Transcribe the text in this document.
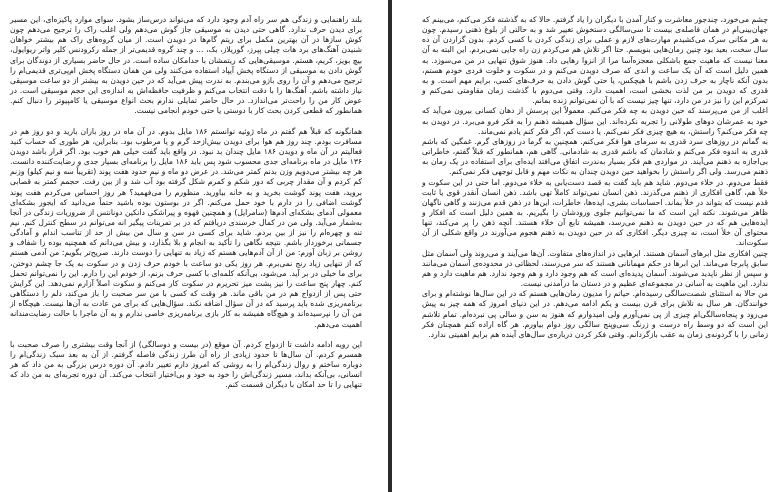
بلند راهنمایی و زندگی هم سر راه آدم وجود دارد که می‌تواند درس‌ساز بشود. سوای موارد پاکیزه‌ای، این مسیر برای دیدن حرف ندارد. گاهی حتی دیدن به موسیقی جاز گوش می‌دهم ولی اغلب راک را ترجیح می‌دهم چون کوش سازها در آن بهترین مکمل برای ریتم گام‌ها در دویدن است. از میان گروه‌های راک هم بیشتر خواهان شنیدن آهنگ‌های برد هات چیلی پپرز، گوریلاز، بک، ... و چند گروه قدیمی‌تر از جمله رکرودنس کلیر واتر ریوایول، بیچ بویز، کریم، هستم. موسیقی‌هایی که ریتمشان با حدامکان ساده است. در حال حاضر بسیاری از دوندگان برای گوش دادن به موسیقی از دستگاه پخش آیپاد استفاده می‌کنند ولی من همان دستگاه پخش ام‌پی‌تری قدیمی‌ام را ترجیح می‌دهم و آن را روی بازو می‌بندم. به ندرت پیش می‌آید که در حین دویدن به بیشتر از دو ساعت موسیقی نیاز داشته باشم. آهنگ‌ها را با دقت انتخاب می‌کنم و ظرفیت حافظه‌اش به اندازه‌ی این حجم موسیقی است. در عوض کار من را راحت‌تر می‌اندازد. در حال حاضر تمایلی ندارم بحث انواع موسیقی یا کامپیوتر را دنبال کنم. همانطور که قطعی کردن بحث کار با دوستی یا حتی خودم انجامی نیست.

همانگونه که قبلاً هم گفتم در ماه ژوئیه توانستم ۱۸۶ مایل بدوم. در آن ماه در روز باران بارید و دو روز هم در مسافرت بودم. چند روز هم هوا برای دویدن بیش‌ازحد گرم و یا مرطوب بود. بنابراین، هر طوری که حساب کنید فعالیتم در آن ماه و دویدن ۱۸۶ مایل چندان بد نبود. در واقع باید گفت خیلی هم خوب بود. اگر قرار باشد دویدن ۱۳۶ مایل در ماه برنامه‌ای جدی محسوب شود پس باید ۱۸۶ مایل را برنامه‌ای بسیار جدی و رضایت‌کننده دانست. هر چه بیشتر می‌دویم وزن بدنم کمتر می‌شد. در عرض دو ماه و نیم حدود هفت پوند (تقریباً سه و نیم کیلو) وزنم کم کردم و آن مقدار چربی که دور شکم و کمرم شکل گرفته بود آب شد و از بین رفت. حجمم کمتر به قصابی بروید، هفت پوند گوشت بخرید و به خانه بیاورید. منظورم را می‌فهمید؟ هر روز احساس می‌کردم هفت پوند گوشت اضافی را در دارم با خود حمل می‌کنم. اگر در بوستون بوده باشید حتماً می‌دانید که ایجور بشکه‌ای معمولی آدمای بشکه‌ای آدم‌ها (سامرایل) و همچنین قهوه و پیراشکی دانکین دونانتس از ضروریات زندگی در آنجا به‌شمار می‌آید. ولی من در کمال خرسندی دریافتم که در بر تمرینات پیگیر انه می‌توانم در سطح کنترل کنم. نیم تنه و چهره‌ام را نیز از بین بردم. شاید برای کسی در سن و سال من بیش از حد از تناسب اندام و آمادگی جسمانی برخوردار باشم. نتیجه نگاهی را تأکید به انجام و بلا بگذارد، و بیش می‌دانم که همچنیه بوده را شفاف و روشن بر زبان آورم: من از آن آدم‌هایی هستم که زیاد به تنهایی را دوست دارند. صریح‌تر بگویم: من آدمی هستم که از تنهایی زیاد رنج نمی‌برم. هر روز یکی دو ساعت با خودم حرف زدن و در سکوت به یک جا چشم دوختن، برای ما خیلی در بر آید. می‌شود، بی‌آنکه کلمه‌ای با کسی حرف بزنم، از خودم این را دارم. این را نمی‌توانم تحمل کنم. چهار پنج ساعت را نیز پشت میز تحریرم در سکوت کار می‌کنم و سکوت اصلاً آزارم نمی‌دهد. این گرایش حتی پس از ازدواج هم در من باقی ماند. هر وقت که کسی با من سر صحبت را باز می‌کند، دلم را دستگاهی برنامه‌ریزی شده باید پرسید که در آن سؤال اضافه نکند. سؤال‌هایی که برای من عادت به آن‌ها نیست. هیچگاه از من آن را نپرسیده‌اند و هیچ‌گاه همیشه به کار بازی برنامه‌ریزی خاصی ندارم و به آن ماجرا با حالت رضایت‌مندانه اهمیت می‌دهم.

این رویه ادامه داشت تا ازدواج کردم. آن موقع (در بیست و دوسالگی) از آنجا وقت بیشتری را صرف صحبت با همسرم کردم. آن سال‌ها تا حدود زیادی از راه آن طرز زندگی فاصله گرفتم. از آن به بعد سبک زندگی‌ام را دوباره ساختم و روال زندگی‌ام را به روشی که امروز دارم تغییر دادم. آن دوره درس بزرگی به من داد که هر انسانی، بی‌آنکه بداند، مسیر زندگی‌اش را خود به خود و بی‌اختیار انتخاب می‌کند. آن دوره تجربه‌ای به من داد که تنهایی را تا حد امکان با دیگران قسمت کنم.

چشم می‌خورد، چندجور معاشرت و کنار آمدن با دیگران را یاد گرفتم. حالا که به گذشته فکر می‌کنم، می‌بینم که جهان‌بینی‌ام در همان فاصله‌ی بیست تا سی‌سالگی دستخوش تغییر شد و به حالتی از بلوغ ذهنی رسیدم. چون به هر مکانی سرک می‌کشیدم مهارت‌های لازم و عملی برای زندگی کردن با کسی کردم. بدون گزاردن آن ده سال سخت، بعید بود چنین رمان‌هایی بنویسم. حتا اگر تلاش هم می‌کردم زن راه جایی نمی‌بردم. این البته به آن معنا نیست که ماهیت جمع باشکلی معجزه‌آسا مرا از انزوا رهایی داد. هنوز شوق تنهایی در من می‌سوزد. به همین دلیل است که آن یک ساعت و اندی که صرف دویدن می‌کنم و در سکوت و خلوت فردی خودم هستم، بدون آنکه ناچار به حرف زدن باشم با هیچکس، یا حتی گوش دادن به حرف‌های کسی، برایم مهم است. و به قدری که دویدن بر من لذت بخشی است، اهمیت دارد. وقتی می‌دوم با گذشت زمان مقاومتی نمی‌کنم و تمرکزم این را نیز در من دارد، تنها چیز نیست که با آن نمی‌توانم زنده بمانم.

اغلب از من می‌پرسند که حین دویدن به چه فکر می‌کنم. معمولاً این پرسش از دهان کسانی بیرون می‌آید که خود به عمرشان دوهای طولانی را تجربه نکرده‌اند. این سؤال همیشه ذهنم را به فکر فرو می‌برد. در دویدن به چه فکر می‌کنم؟ راستش، به هیچ چیزی فکر نمی‌کنم. یا دست کم، اگر فکر کنم یادم نمی‌ماند.

به گمانم در روزهای سرد قدری به سرمای هوا فکر می‌کنم. همچنین به گرما در روزهای گرم. غمگین که باشم قدری به اندوه فکر می‌کنم و شادمان که باشم قدری به شادمانی. گاهی هم، همانطور که قبلاً گفتم، خاطراتی بی‌اجازه به ذهنم می‌آیند. در مواردی هم فکر بسیار به‌ندرت اتفاق می‌افتد ایده‌ای برای استفاده در یک رمان به ذهنم می‌رسد. ولی اگر راستش را بخواهید حین دویدن چندان به نکات مهم و قابل توجهی فکر نمی‌کنم.

فقط می‌دوم. در خلاء می‌دوم. شاید هم باید گفت به قصد دست‌یابی به خلاء می‌دوم. اما حتی در این سکوت و خلأ هم، گاهی افکاری از ذهنم می‌گذرند. ذهن انسان نمی‌تواند کاملاً تهی باشد. ذهن انسان آنقدر قوی یا ثابت قدم نیست که بتواند در خلأ بماند. احساسات بشری، ایده‌ها، خاطرات، این‌ها در ذهن قدم می‌زنند و گاهی ناگهان ظاهر می‌شوند. نکته این است که ما نمی‌توانیم جلوی ورودشان را بگیریم. به همین دلیل است که افکار و ایده‌هایی هم که در حین دویدن به ذهنم می‌رسد، همیشه تابع آن خلاء هستند. آنچه ذهن را پر می‌کند، تنها محتوای آن خلأ است، نه چیزی دیگر. افکاری که در حین دویدن به ذهنم هجوم می‌آورند در واقع شکلی از آن سکوت‌اند.

چنین افکاری مثل ابرهای آسمان هستند. ابرهایی در اندازه‌های متفاوت. آن‌ها می‌آیند و می‌روند ولی آسمان مثل سابق پابرجا می‌ماند. این ابرها در حکم مهمانانی هستند که سر می‌رسند، لحظاتی در محدوده‌ی آسمان می‌مانند و سپس از نظر ناپدید می‌شوند. آسمان پدیده‌ای است که هم وجود دارد و هم وجود ندارد. هم ماهیت دارد و هم ندارد. این ماهیت به آسانی در مجموعه‌ای عظیم و در دستان ما درآمدنی نیست.

من حالا به استثنای شصت‌سالگی رسیده‌ام. حیاتم را مدیون رمان‌هایی هستم که در این سال‌ها نوشته‌ام و برای خوانندگان. هر سال به تلاش برای قرن بیست و یکم ادامه می‌دهم. در این دنیای امروز که همه چیز به پیش می‌رود و پنجاه‌سالگی‌ام چیزی از پی نمی‌آورم ولی امیدوارم که هنوز به سن و سالی پی نبرده‌ام. تمام تلاشم این است که دو وسط راه درست و زرنگ سی‌وپنج سالگی روز دوام بیاورم. هر گاه اراده کنم همچنان فکر زمانی را با گردونه‌ی زمان به عقب بازگردانم. وقتی فکر کردن درباره‌ی سال‌های آینده هم برایم اهمیتی ندارد.
